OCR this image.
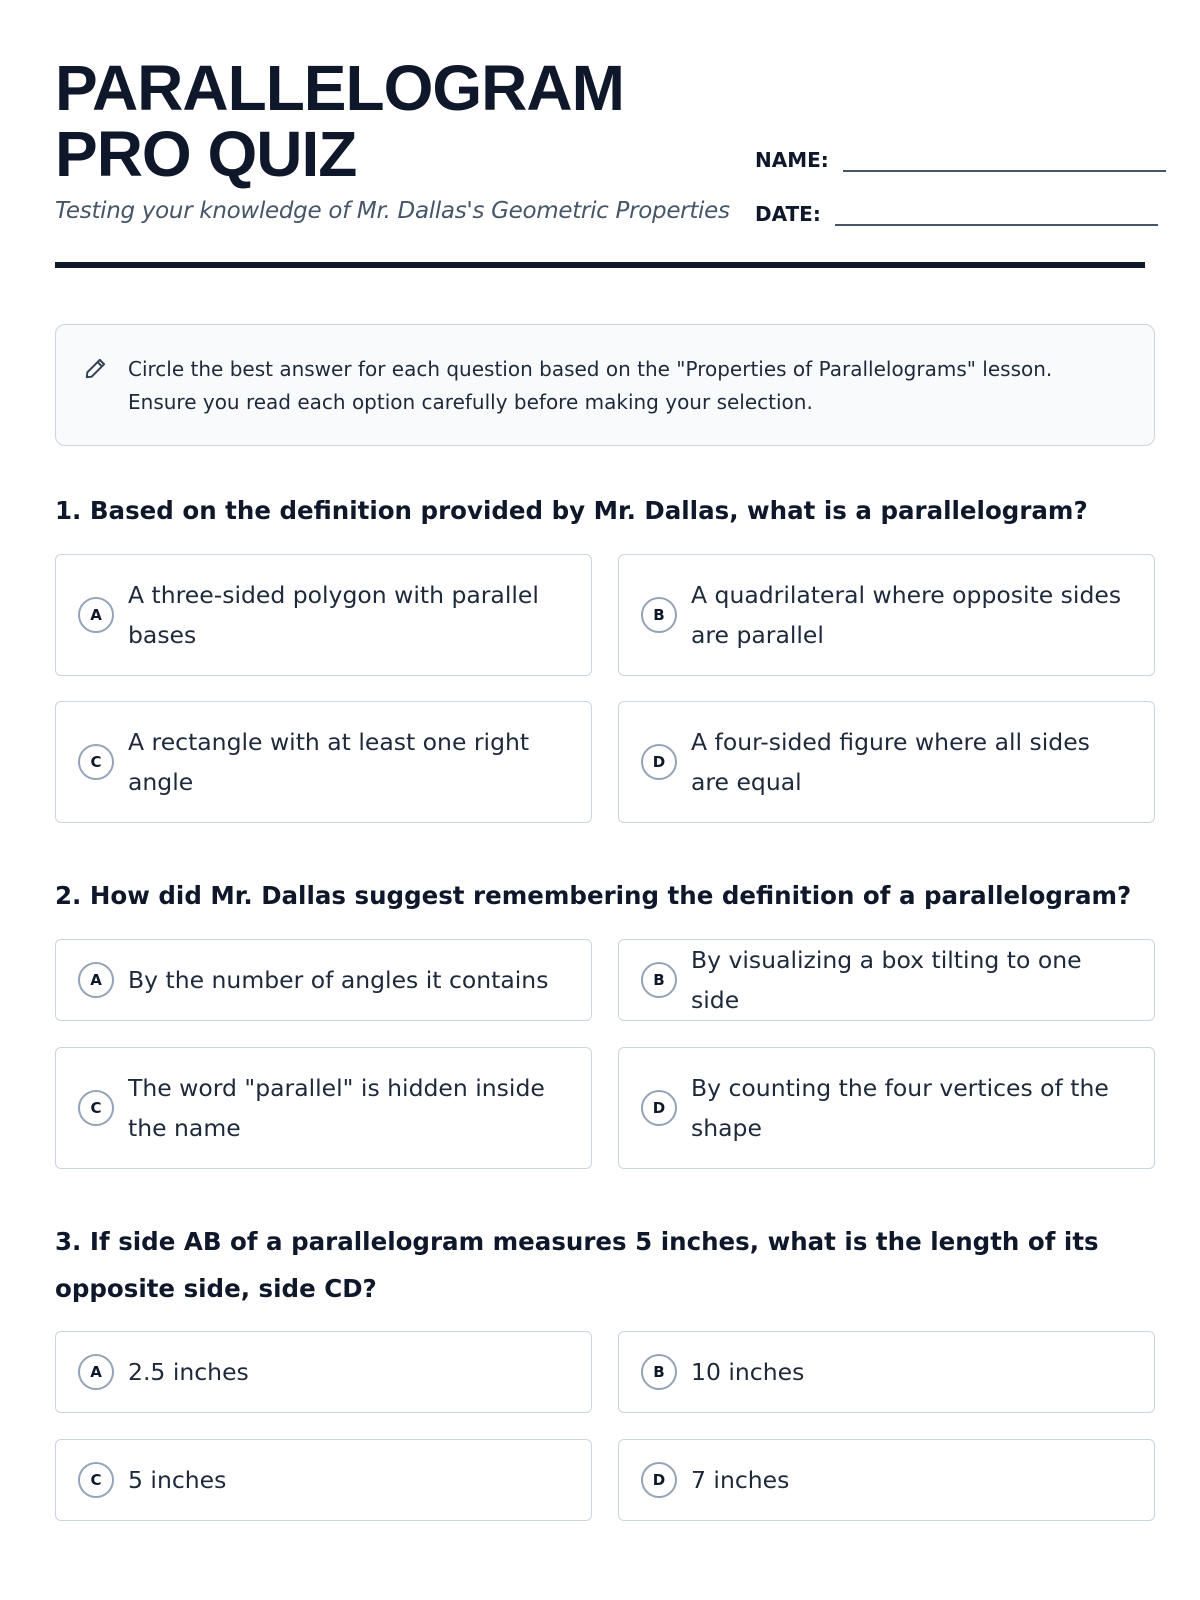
PARALLELOGRAM
PRO QUIZ
Testing your knowledge of Mr. Dallas's Geometric Properties
NAME:
DATE:
Circle the best answer for each question based on the "Properties of Parallelograms" lesson. Ensure you read each option carefully before making your selection.
1. Based on the definition provided by Mr. Dallas, what is a parallelogram?
A
A three-sided polygon with parallel bases
B
A quadrilateral where opposite sides are parallel
C
A rectangle with at least one right angle
D
A four-sided figure where all sides are equal
2. How did Mr. Dallas suggest remembering the definition of a parallelogram?
A	By the number of angles it contains	B
By visualizing a box tilting to one side
C
The word "parallel" is hidden inside the name
D
By counting the four vertices of the shape
3. If side AB of a parallelogram measures 5 inches, what is the length of its opposite side, side CD?
A	2.5 inches	B	10 inches
C	5 inches	D	7 inches
